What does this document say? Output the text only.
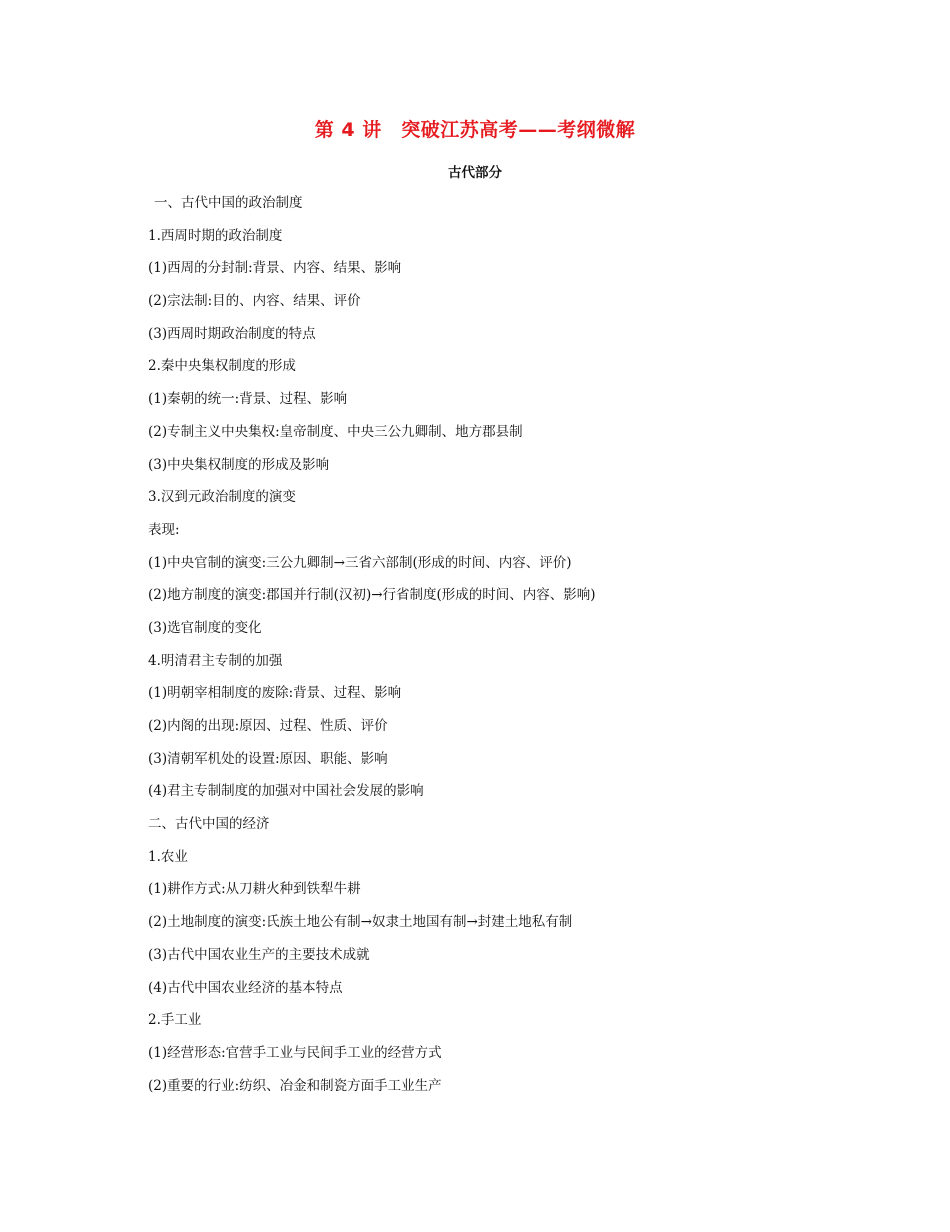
第 4 讲　突破江苏高考——考纲微解
古代部分
一、古代中国的政治制度
1.西周时期的政治制度
(1)西周的分封制:背景、内容、结果、影响
(2)宗法制:目的、内容、结果、评价
(3)西周时期政治制度的特点
2.秦中央集权制度的形成
(1)秦朝的统一:背景、过程、影响
(2)专制主义中央集权:皇帝制度、中央三公九卿制、地方郡县制
(3)中央集权制度的形成及影响
3.汉到元政治制度的演变
表现:
(1)中央官制的演变:三公九卿制→三省六部制(形成的时间、内容、评价)
(2)地方制度的演变:郡国并行制(汉初)→行省制度(形成的时间、内容、影响)
(3)选官制度的变化
4.明清君主专制的加强
(1)明朝宰相制度的废除:背景、过程、影响
(2)内阁的出现:原因、过程、性质、评价
(3)清朝军机处的设置:原因、职能、影响
(4)君主专制制度的加强对中国社会发展的影响
二、古代中国的经济
1.农业
(1)耕作方式:从刀耕火种到铁犁牛耕
(2)土地制度的演变:氏族土地公有制→奴隶土地国有制→封建土地私有制
(3)古代中国农业生产的主要技术成就
(4)古代中国农业经济的基本特点
2.手工业
(1)经营形态:官营手工业与民间手工业的经营方式
(2)重要的行业:纺织、冶金和制瓷方面手工业生产
